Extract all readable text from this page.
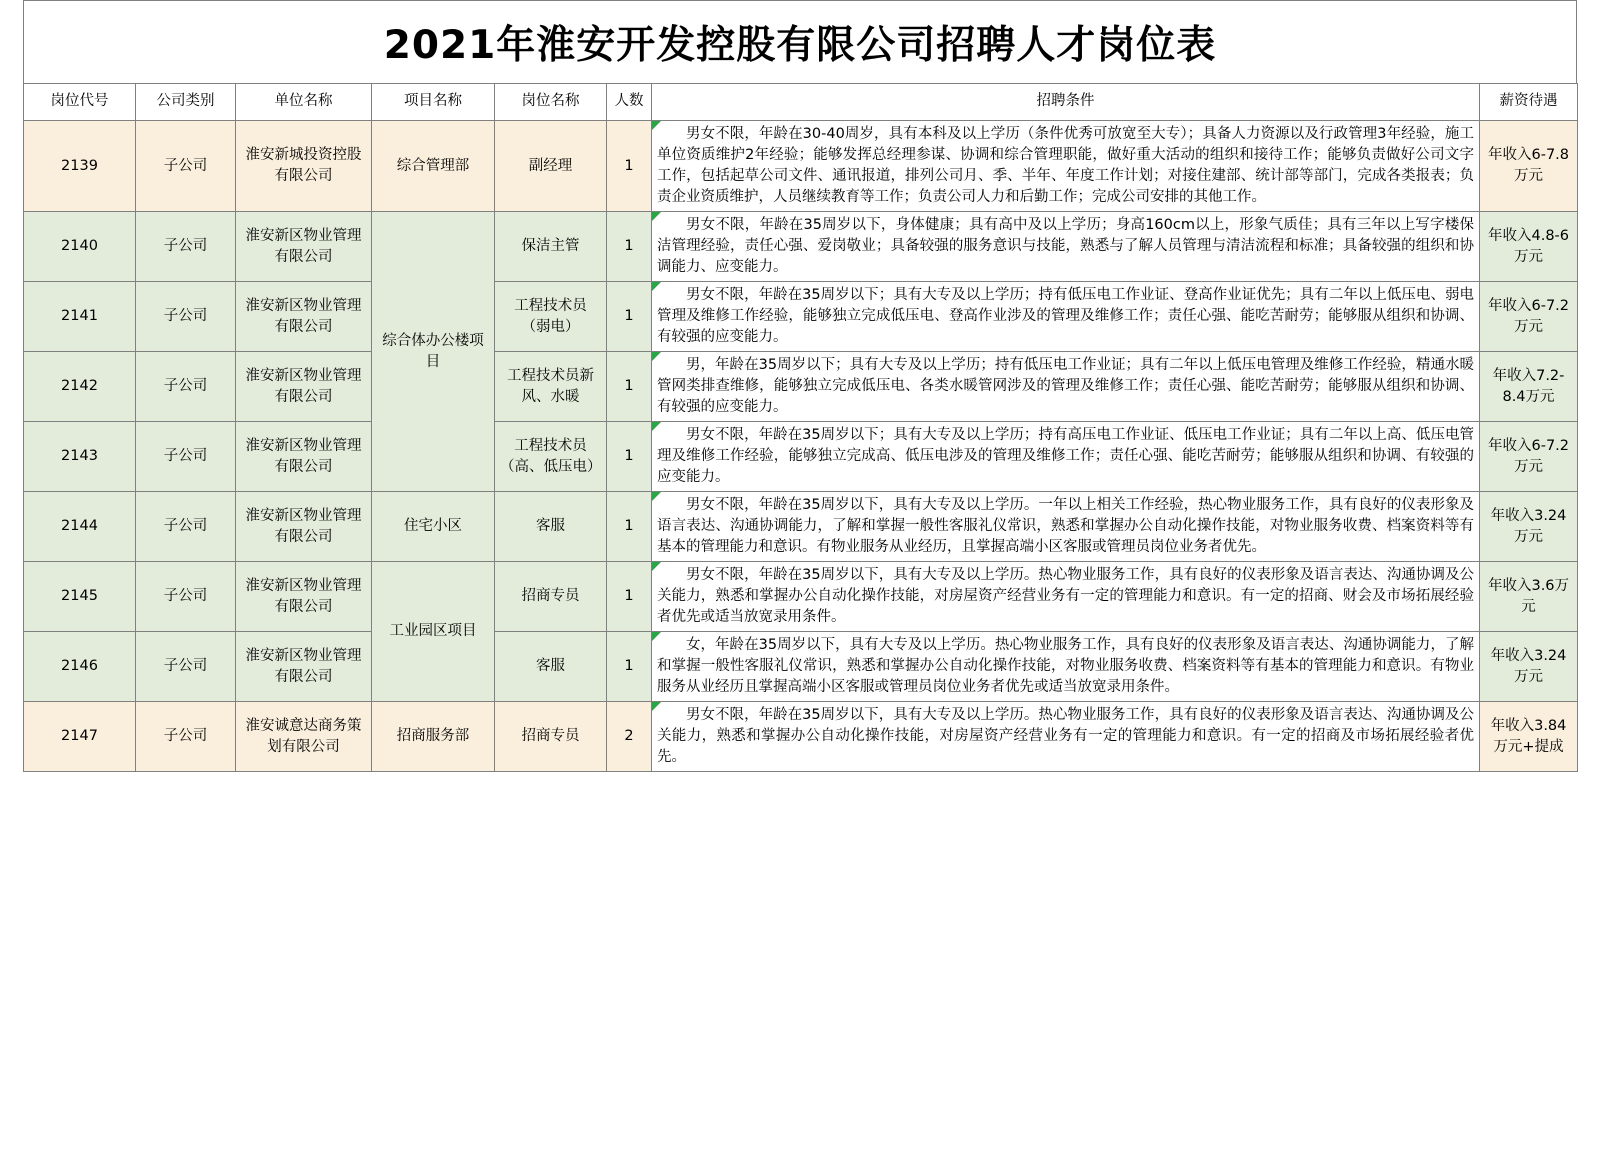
2021年淮安开发控股有限公司招聘人才岗位表
岗位代号	公司类别	单位名称	项目名称	岗位名称	人数	招聘条件	薪资待遇
2139	子公司	淮安新城投资控股有限公司	综合管理部	副经理	1	男女不限，年龄在30-40周岁，具有本科及以上学历（条件优秀可放宽至大专）；具备人力资源以及行政管理3年经验，施工单位资质维护2年经验；能够发挥总经理参谋、协调和综合管理职能，做好重大活动的组织和接待工作；能够负责做好公司文字工作，包括起草公司文件、通讯报道，排列公司月、季、半年、年度工作计划；对接住建部、统计部等部门，完成各类报表；负责企业资质维护，人员继续教育等工作；负责公司人力和后勤工作；完成公司安排的其他工作。	年收入6-7.8万元
2140	子公司	淮安新区物业管理有限公司	综合体办公楼项目	保洁主管	1	男女不限，年龄在35周岁以下，身体健康；具有高中及以上学历；身高160cm以上，形象气质佳；具有三年以上写字楼保洁管理经验，责任心强、爱岗敬业；具备较强的服务意识与技能，熟悉与了解人员管理与清洁流程和标准；具备较强的组织和协调能力、应变能力。	年收入4.8-6万元
2141	子公司	淮安新区物业管理有限公司		工程技术员（弱电）	1	男女不限，年龄在35周岁以下；具有大专及以上学历；持有低压电工作业证、登高作业证优先；具有二年以上低压电、弱电管理及维修工作经验，能够独立完成低压电、登高作业涉及的管理及维修工作；责任心强、能吃苦耐劳；能够服从组织和协调、有较强的应变能力。	年收入6-7.2万元
2142	子公司	淮安新区物业管理有限公司		工程技术员新风、水暖	1	男，年龄在35周岁以下；具有大专及以上学历；持有低压电工作业证；具有二年以上低压电管理及维修工作经验，精通水暖管网类排查维修，能够独立完成低压电、各类水暖管网涉及的管理及维修工作；责任心强、能吃苦耐劳；能够服从组织和协调、有较强的应变能力。	年收入7.2-8.4万元
2143	子公司	淮安新区物业管理有限公司		工程技术员（高、低压电）	1	男女不限，年龄在35周岁以下；具有大专及以上学历；持有高压电工作业证、低压电工作业证；具有二年以上高、低压电管理及维修工作经验，能够独立完成高、低压电涉及的管理及维修工作；责任心强、能吃苦耐劳；能够服从组织和协调、有较强的应变能力。	年收入6-7.2万元
2144	子公司	淮安新区物业管理有限公司	住宅小区	客服	1	男女不限，年龄在35周岁以下，具有大专及以上学历。一年以上相关工作经验，热心物业服务工作，具有良好的仪表形象及语言表达、沟通协调能力，了解和掌握一般性客服礼仪常识，熟悉和掌握办公自动化操作技能，对物业服务收费、档案资料等有基本的管理能力和意识。有物业服务从业经历，且掌握高端小区客服或管理员岗位业务者优先。	年收入3.24万元
2145	子公司	淮安新区物业管理有限公司	工业园区项目	招商专员	1	男女不限，年龄在35周岁以下，具有大专及以上学历。热心物业服务工作，具有良好的仪表形象及语言表达、沟通协调及公关能力，熟悉和掌握办公自动化操作技能，对房屋资产经营业务有一定的管理能力和意识。有一定的招商、财会及市场拓展经验者优先或适当放宽录用条件。	年收入3.6万元
2146	子公司	淮安新区物业管理有限公司		客服	1	女，年龄在35周岁以下，具有大专及以上学历。热心物业服务工作，具有良好的仪表形象及语言表达、沟通协调能力，了解和掌握一般性客服礼仪常识，熟悉和掌握办公自动化操作技能，对物业服务收费、档案资料等有基本的管理能力和意识。有物业服务从业经历且掌握高端小区客服或管理员岗位业务者优先或适当放宽录用条件。	年收入3.24万元
2147	子公司	淮安诚意达商务策划有限公司	招商服务部	招商专员	2	男女不限，年龄在35周岁以下，具有大专及以上学历。热心物业服务工作，具有良好的仪表形象及语言表达、沟通协调及公关能力，熟悉和掌握办公自动化操作技能，对房屋资产经营业务有一定的管理能力和意识。有一定的招商及市场拓展经验者优先。	年收入3.84万元+提成
